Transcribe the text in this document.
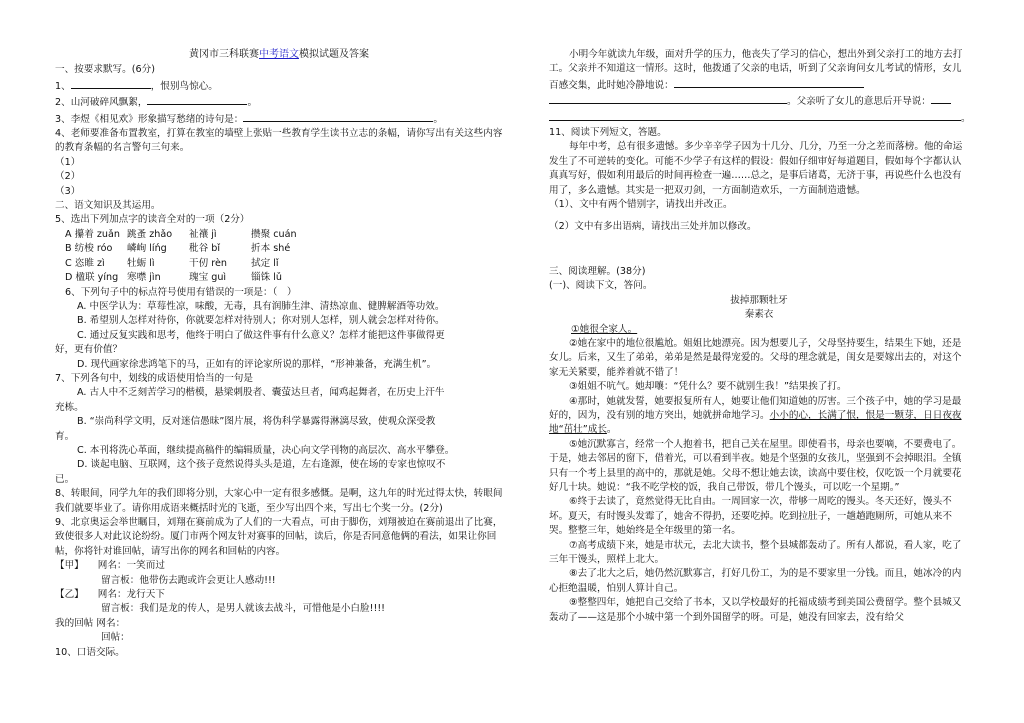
黄冈市三科联赛中考语文模拟试题及答案
一、按要求默写。(6分)
1、	，恨别鸟惊心。
2、山河破碎风飘絮，	。
3、李煜《相见欢》形象描写愁绪的诗句是：	。
4、老师要准备布置教室，打算在教室的墙壁上张贴一些教育学生读书立志的条幅，请你写出有关这些内容的教育条幅的名言警句三句来。
（1）
（2）
（3）
二、语文知识及其运用。
5、选出下列加点字的读音全对的一项（2分）
A 攥着 zuǎn 跳蚤 zhǎo	祉禳 jì	攒聚 cuán
B 纺梭 róo	嶙峋 líńg	秕谷 bǐ	折本 shé
C 恣睢 zì	牡蛎 lì	干仞 rèn	拭定 lǐ
D 楹联 yíng 寒噤 jìn	瑰宝 guì	锱铢 lǔ
6、下列句子中的标点符号使用有错误的一项是：（　）
A. 中医学认为：草莓性凉，味酸，无毒，具有润肺生津、清热凉血、健脾解酒等功效。
B. 希望别人怎样对待你，你就要怎样对待别人；你对别人怎样，别人就会怎样对待你。
C. 通过反复实践和思考，他终于明白了做这件事有什么意义？怎样才能把这件事做得更
好，更有价值？
D. 现代画家徐悲鸿笔下的马，正如有的评论家所说的那样，“形神兼备，充满生机”。
7、下列各句中，划线的成语使用恰当的一句是
A. 古人中不乏刻苦学习的楷模，悬梁刺股者、囊萤达旦者，闻鸡起舞者，在历史上汗牛
充栋。
B. “崇尚科学文明，反对迷信愚昧”图片展，将伪科学暴露得淋漓尽致，使观众深受教
育。
C. 本刊将洗心革面，继续提高稿件的编辑质量，决心向文学刊物的高层次、高水平攀登。
D. 谈起电脑、互联网，这个孩子竟然说得头头是道，左右逢源，使在场的专家也惊叹不
已。
8、转眼间，同学九年的我们即将分别，大家心中一定有很多感慨。是啊，这九年的时光过得太快，转眼间我们就要毕业了。请你用成语来概括时光的飞逝，至少写出四个来，写出七个奖一分。(2分)
9、北京奥运会举世瞩目，刘翔在赛前成为了人们的一大看点，可由于脚伤，刘翔被迫在赛前退出了比赛，致使很多人对此议论纷纷。厦门市两个网友针对赛事的回帖，读后，你是否同意他俩的看法，如果让你回帖，你将针对谁回帖，请写出你的网名和回帖的内容。
【甲】 网名：一笑而过
留言板：他带伤去跑或许会更让人感动!!!
【乙】 网名：龙行天下
留言板：我们是龙的传人，是男人就该去战斗，可惜他是小白脸!!!!
我的回帖 网名：
回帖：
10、口语交际。
小明今年就读九年级，面对升学的压力，他丧失了学习的信心，想出外到父亲打工的地方去打工。父亲并不知道这一情形。这时，他拨通了父亲的电话，听到了父亲询问女儿考试的情形，女儿百感交集，此时她冷静地说：
。父亲听了女儿的意思后开导说：
。
11、阅读下列短文，答题。
每年中考，总有很多遗憾。多少辛辛学子因为十几分、几分，乃至一分之差而落榜。他的命运发生了不可逆转的变化。可能不少学子有这样的假设：假如仔细审好每道题目，假如每个字都认认真真写好，假如利用最后的时间再检查一遍……总之，是事后诸葛，无济于事，再说些什么也没有用了，多么遗憾。其实是一把双刃剑，一方面制造欢乐，一方面制造遗憾。
（1）、文中有两个错别字，请找出并改正。
（2）文中有多出语病，请找出三处并加以修改。
三、阅读理解。(38分)
(一)、阅读下文，答问。
拔掉那颗牡牙
秦素衣
①她很全家人。
②她在家中的地位很尴尬。姐姐比她漂亮。因为想要儿子，父母坚持要生，结果生下她，还是女儿。后来，又生了弟弟，弟弟是然是最得宠爱的。父母的理念就是，闺女是要嫁出去的，对这个家无关紧要，能养着就不错了！
③姐姐不吭气。她却嚷：“凭什么？要不就别生我！”结果挨了打。
④那时，她就发誓，她要报复所有人，她要让他们知道她的厉害。三个孩子中，她的学习是最好的，因为，没有别的地方突出，她就拼命地学习。小小的心，长满了恨，恨是一颗芽，日日夜夜地“茁壮”成长。
⑤她沉默寡言，经常一个人抱着书，把自己关在屋里。即使看书，母亲也要嘀，不要费电了。于是，她去邻居的窗下，借着光，可以看到半夜。她是个坚强的女孩儿，坚强到不会掉眼泪。全镇只有一个考上县里的高中的，那就是她。父母不想让她去读，读高中要住校，仅吃饭一个月就要花好几十块。她说：“我不吃学校的饭，我自己带饭，带几个馒头，可以吃一个星期。”
⑥终于去读了，竟然觉得无比自由。一周回家一次，带够一周吃的馒头。冬天还好，馒头不坏。夏天，有时馒头发霉了，她舍不得扔，还要吃掉。吃到拉肚子，一趟趟跑厕所，可她从来不哭。整整三年，她始终是全年级里的第一名。
⑦高考成绩下来，她是市状元，去北大读书，整个县城都轰动了。所有人都说，看人家，吃了三年干馒头，照样上北大。
⑧去了北大之后，她仍然沉默寡言，打好几份工，为的是不要家里一分钱。而且，她冰冷的内心拒绝温暖，怕别人算计自己。
⑨整整四年，她把自己交给了书本，又以学校最好的托福成绩考到美国公费留学。整个县城又轰动了——这是那个小城中第一个到外国留学的呀。可是，她没有回家去，没有给父
